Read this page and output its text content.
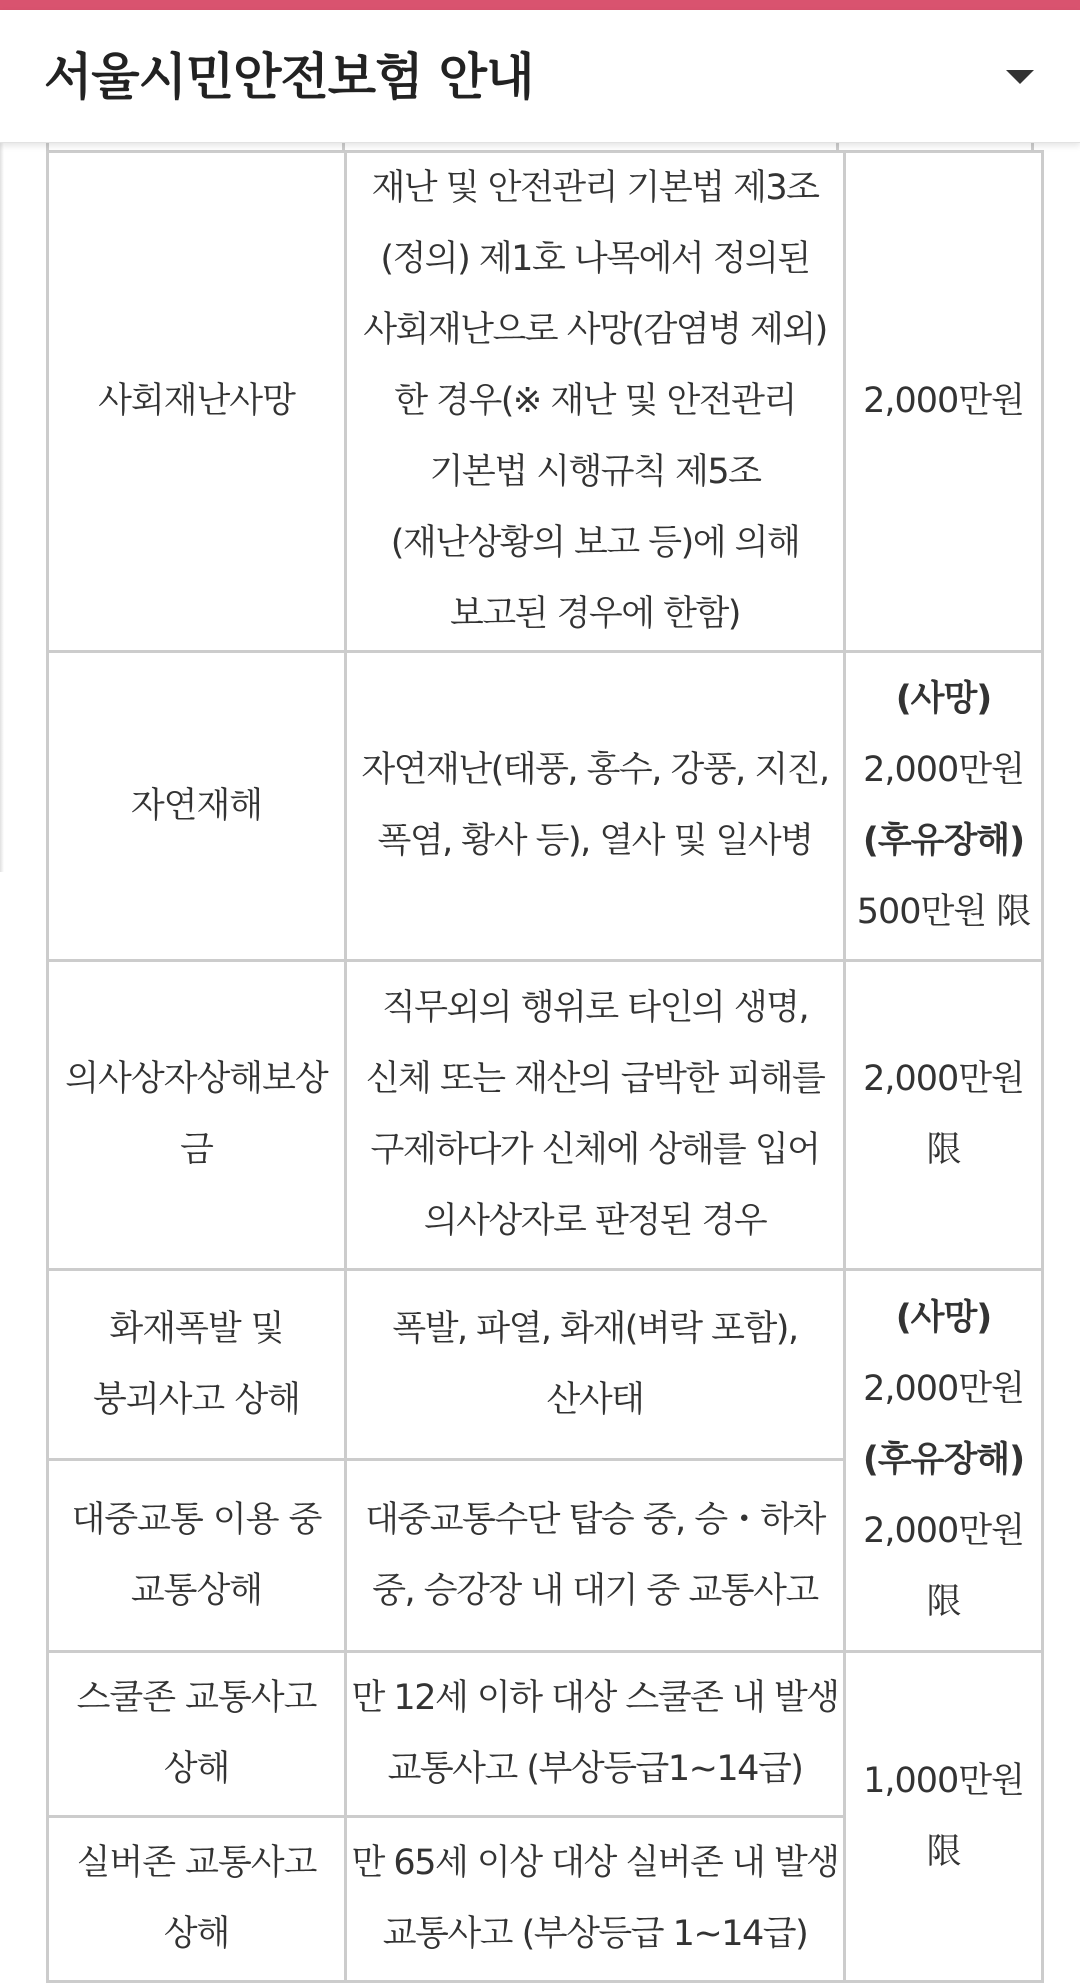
서울시민안전보험 안내
사회재난사망	재난 및 안전관리 기본법 제3조(정의) 제1호 나목에서 정의된 사회재난으로 사망(감염병 제외)한 경우(※ 재난 및 안전관리 기본법 시행규칙 제5조(재난상황의 보고 등)에 의해 보고된 경우에 한함)	2,000만원
자연재해	자연재난(태풍, 홍수, 강풍, 지진, 폭염, 황사 등), 열사 및 일사병	(사망)
2,000만원
(후유장해)
500만원 限

의사상자상해보상금	직무외의 행위로 타인의 생명, 신체 또는 재산의 급박한 피해를 구제하다가 신체에 상해를 입어 의사상자로 판정된 경우	2,000만원 限
화재폭발 및 붕괴사고 상해	폭발, 파열, 화재(벼락 포함), 산사태	(사망)
2,000만원
(후유장해)
2,000만원 限

대중교통 이용 중 교통상해	대중교통수단 탑승 중, 승・하차 중, 승강장 내 대기 중 교통사고	
스쿨존 교통사고 상해	만 12세 이하 대상 스쿨존 내 발생 교통사고 (부상등급1~14급)	1,000만원限
실버존 교통사고 상해	만 65세 이상 대상 실버존 내 발생 교통사고 (부상등급 1~14급)	
